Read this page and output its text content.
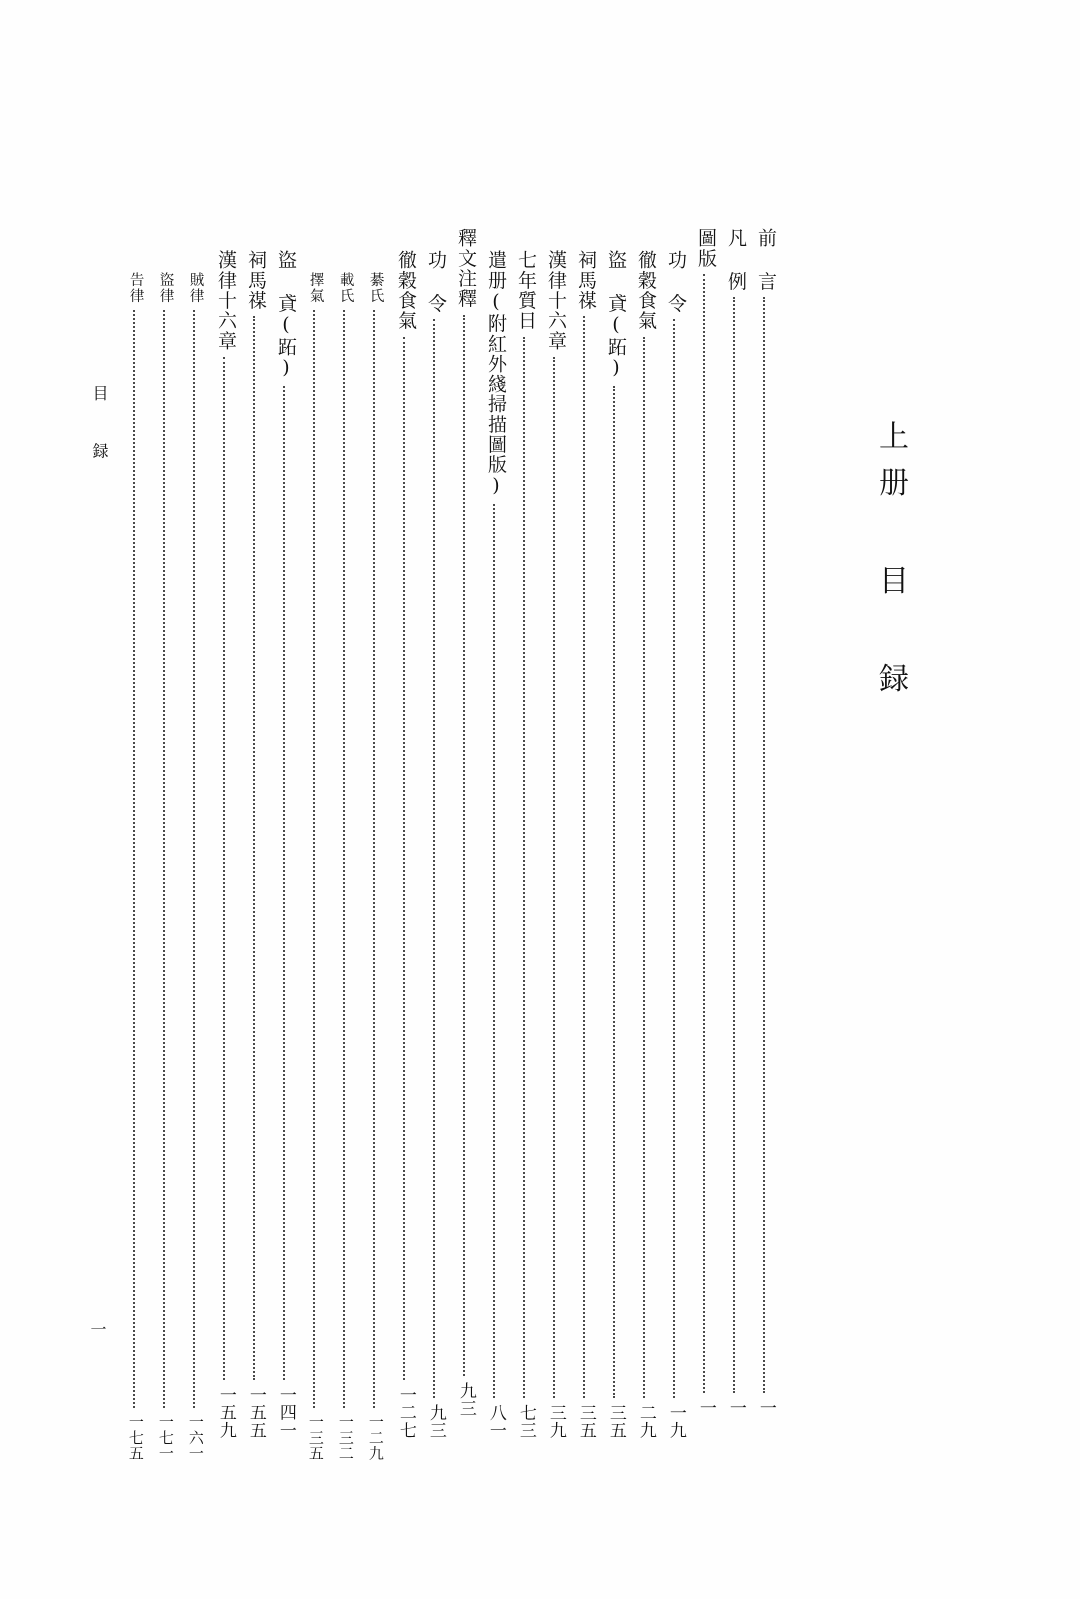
上册 目 録
目 録
一
前 言
一
凡 例
一
圖版
一
功 令
一九
徹穀食氣
二九
盜 貣(跖)
三五
祠馬禖
三五
漢律十六章
三九
七年質日
七三
遣册(附紅外綫掃描圖版)
八一
釋文注釋
九三
功 令
九三
徹穀食氣
一二七
綦氏
一二九
載氏
一三二
擇氣
一三五
盜 貣(跖)
一四一
祠馬禖
一五五
漢律十六章
一五九
賊律
一六一
盜律
一七一
告律
一七五
